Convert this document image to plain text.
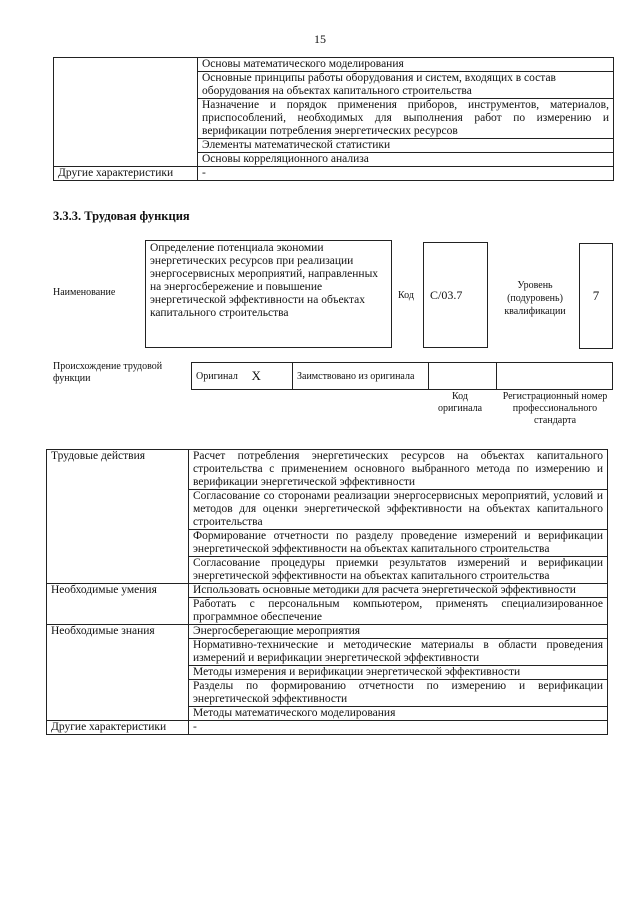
15
	Основы математического моделирования
	Основные принципы работы оборудования и систем, входящих в состав оборудования на объектах капитального строительства
	Назначение и порядок применения приборов, инструментов, материалов, приспособлений, необходимых для выполнения работ по измерению и верификации потребления энергетических ресурсов
	Элементы математической статистики
	Основы корреляционного анализа
Другие характеристики	-
3.3.3. Трудовая функция
Наименование
Определение потенциала экономии энергетических ресурсов при реализации энергосервисных мероприятий, направленных на энергосбережение и повышение энергетической эффективности на объектах капитального строительства
Код	C/03.7
Уровень (подуровень) квалификации
7
Происхождение трудовой функции	Оригинал	X	Заимствовано из оригинала		
Код оригинала
Регистрационный номер профессионального стандарта
Трудовые действия	Расчет потребления энергетических ресурсов на объектах капитального строительства с применением основного выбранного метода по измерению и верификации энергетической эффективности
	Согласование со сторонами реализации энергосервисных мероприятий, условий и методов для оценки энергетической эффективности на объектах капитального строительства
	Формирование отчетности по разделу проведение измерений и верификации энергетической эффективности на объектах капитального строительства
	Согласование процедуры приемки результатов измерений и верификации энергетической эффективности на объектах капитального строительства
Необходимые умения	Использовать основные методики для расчета энергетической эффективности
	Работать с персональным компьютером, применять специализированное программное обеспечение
Необходимые знания	Энергосберегающие мероприятия
	Нормативно-технические и методические материалы в области проведения измерений и верификации энергетической эффективности
	Методы измерения и верификации энергетической эффективности
	Разделы по формированию отчетности по измерению и верификации энергетической эффективности
	Методы математического моделирования
Другие характеристики	-
